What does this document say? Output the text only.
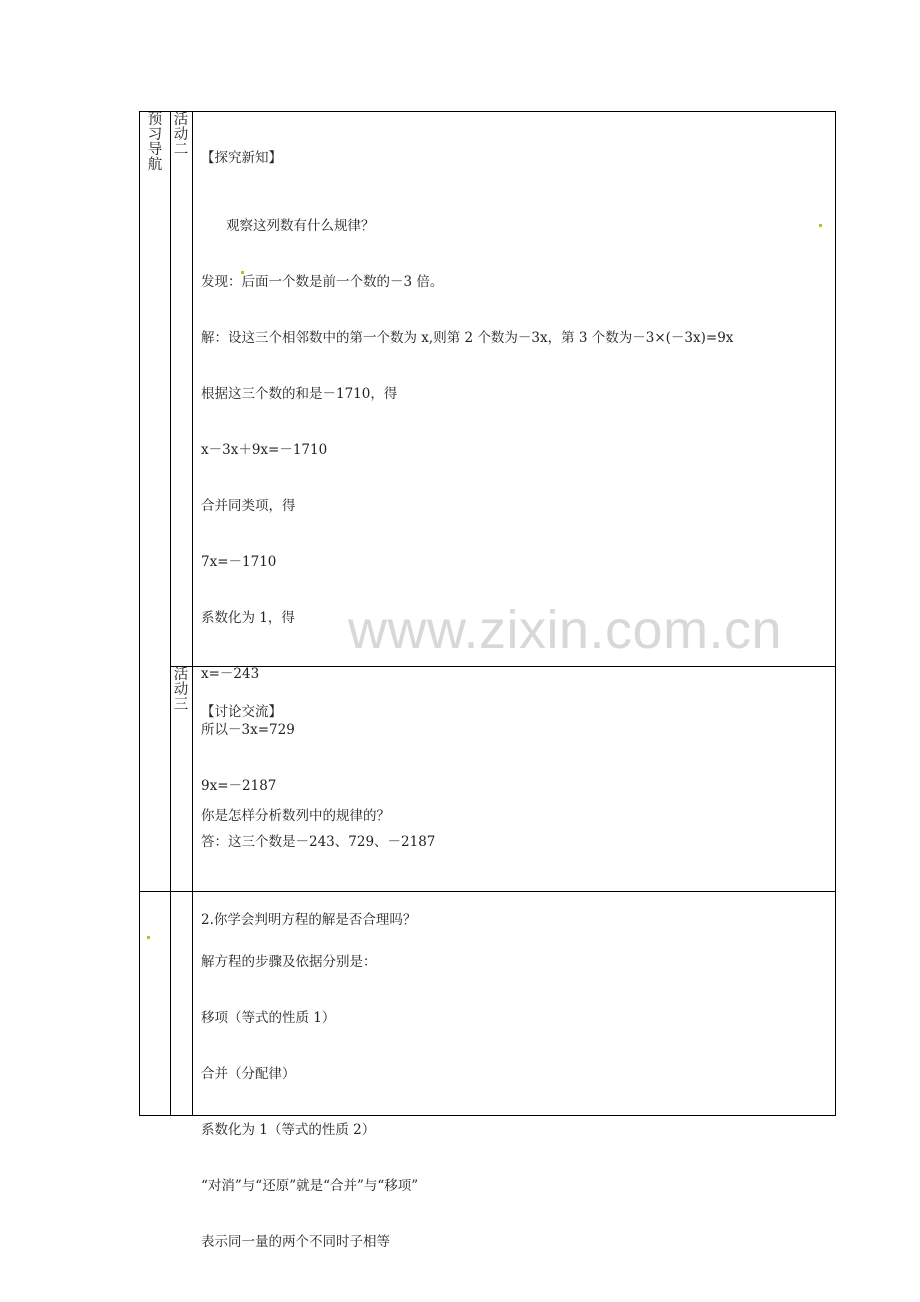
预
习
导
航
活
动
二
活
动
三

【探究新知】

观察这列数有什么规律？

发现：后面一个数是前一个数的－3 倍。

解：设这三个相邻数中的第一个数为 x,则第 2 个数为－3x，第 3 个数为－3×(－3x)=9x

根据这三个数的和是－1710，得

x－3x＋9x=－1710

合并同类项，得

7x=－1710

系数化为 1，得

x=－243

所以－3x=729

9x=－2187

答：这三个数是－243、729、－2187

解方程的步骤及依据分别是：

移项（等式的性质 1）

合并（分配律）

系数化为 1（等式的性质 2）

“对消”与“还原”就是“合并”与“移项”

表示同一量的两个不同时子相等

【讨论交流】

你是怎样分析数列中的规律的？

2.你学会判明方程的解是否合理吗？

www.zixin.com.cn
